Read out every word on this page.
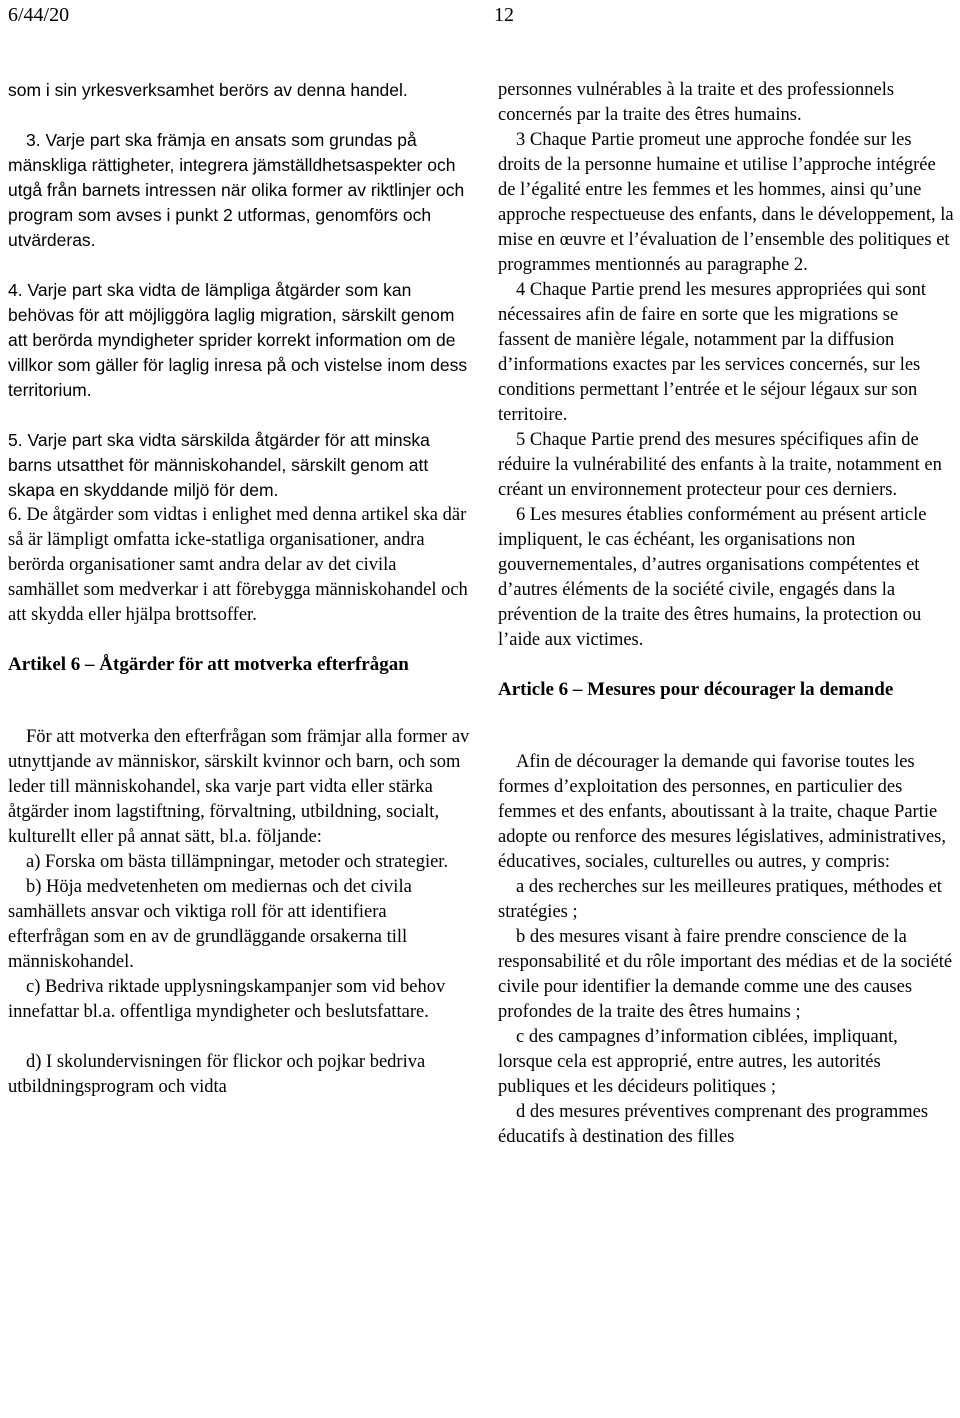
6/44/20	12

som i sin yrkesverksamhet berörs av denna handel.

3. Varje part ska främja en ansats som grundas på mänskliga rättigheter, integrera jämställdhetsaspekter och utgå från barnets intressen när olika former av riktlinjer och program som avses i punkt 2 utformas, genomförs och utvärderas.

4. Varje part ska vidta de lämpliga åtgärder som kan behövas för att möjliggöra laglig migration, särskilt genom att berörda myndigheter sprider korrekt information om de villkor som gäller för laglig inresa på och vistelse inom dess territorium.

5. Varje part ska vidta särskilda åtgärder för att minska barns utsatthet för människohandel, särskilt genom att skapa en skyddande miljö för dem.

6. De åtgärder som vidtas i enlighet med denna artikel ska där så är lämpligt omfatta icke-statliga organisationer, andra berörda organisationer samt andra delar av det civila samhället som medverkar i att förebygga människohandel och att skydda eller hjälpa brottsoffer.

Artikel 6 – Åtgärder för att motverka efterfrågan

För att motverka den efterfrågan som främjar alla former av utnyttjande av människor, särskilt kvinnor och barn, och som leder till människohandel, ska varje part vidta eller stärka åtgärder inom lagstiftning, förvaltning, utbildning, socialt, kulturellt eller på annat sätt, bl.a. följande:

a) Forska om bästa tillämpningar, metoder och strategier.

b) Höja medvetenheten om mediernas och det civila samhällets ansvar och viktiga roll för att identifiera efterfrågan som en av de grundläggande orsakerna till människohandel.

c) Bedriva riktade upplysningskampanjer som vid behov innefattar bl.a. offentliga myndigheter och beslutsfattare.

d) I skolundervisningen för flickor och pojkar bedriva utbildningsprogram och vidta

personnes vulnérables à la traite et des professionnels concernés par la traite des êtres humains.

3 Chaque Partie promeut une approche fondée sur les droits de la personne humaine et utilise l’approche intégrée de l’égalité entre les femmes et les hommes, ainsi qu’une approche respectueuse des enfants, dans le développement, la mise en œuvre et l’évaluation de l’ensemble des politiques et programmes mentionnés au paragraphe 2.

4 Chaque Partie prend les mesures appropriées qui sont nécessaires afin de faire en sorte que les migrations se fassent de manière légale, notamment par la diffusion d’informations exactes par les services concernés, sur les conditions permettant l’entrée et le séjour légaux sur son territoire.

5 Chaque Partie prend des mesures spécifiques afin de réduire la vulnérabilité des enfants à la traite, notamment en créant un environnement protecteur pour ces derniers.

6 Les mesures établies conformément au présent article impliquent, le cas échéant, les organisations non gouvernementales, d’autres organisations compétentes et d’autres éléments de la société civile, engagés dans la prévention de la traite des êtres humains, la protection ou l’aide aux victimes.

Article 6 – Mesures pour décourager la demande

Afin de décourager la demande qui favorise toutes les formes d’exploitation des personnes, en particulier des femmes et des enfants, aboutissant à la traite, chaque Partie adopte ou renforce des mesures législatives, administratives, éducatives, sociales, culturelles ou autres, y compris:

a des recherches sur les meilleures pratiques, méthodes et stratégies ;

b des mesures visant à faire prendre conscience de la responsabilité et du rôle important des médias et de la société civile pour identifier la demande comme une des causes profondes de la traite des êtres humains ;

c des campagnes d’information ciblées, impliquant, lorsque cela est approprié, entre autres, les autorités publiques et les décideurs politiques ;

d des mesures préventives comprenant des programmes éducatifs à destination des filles
